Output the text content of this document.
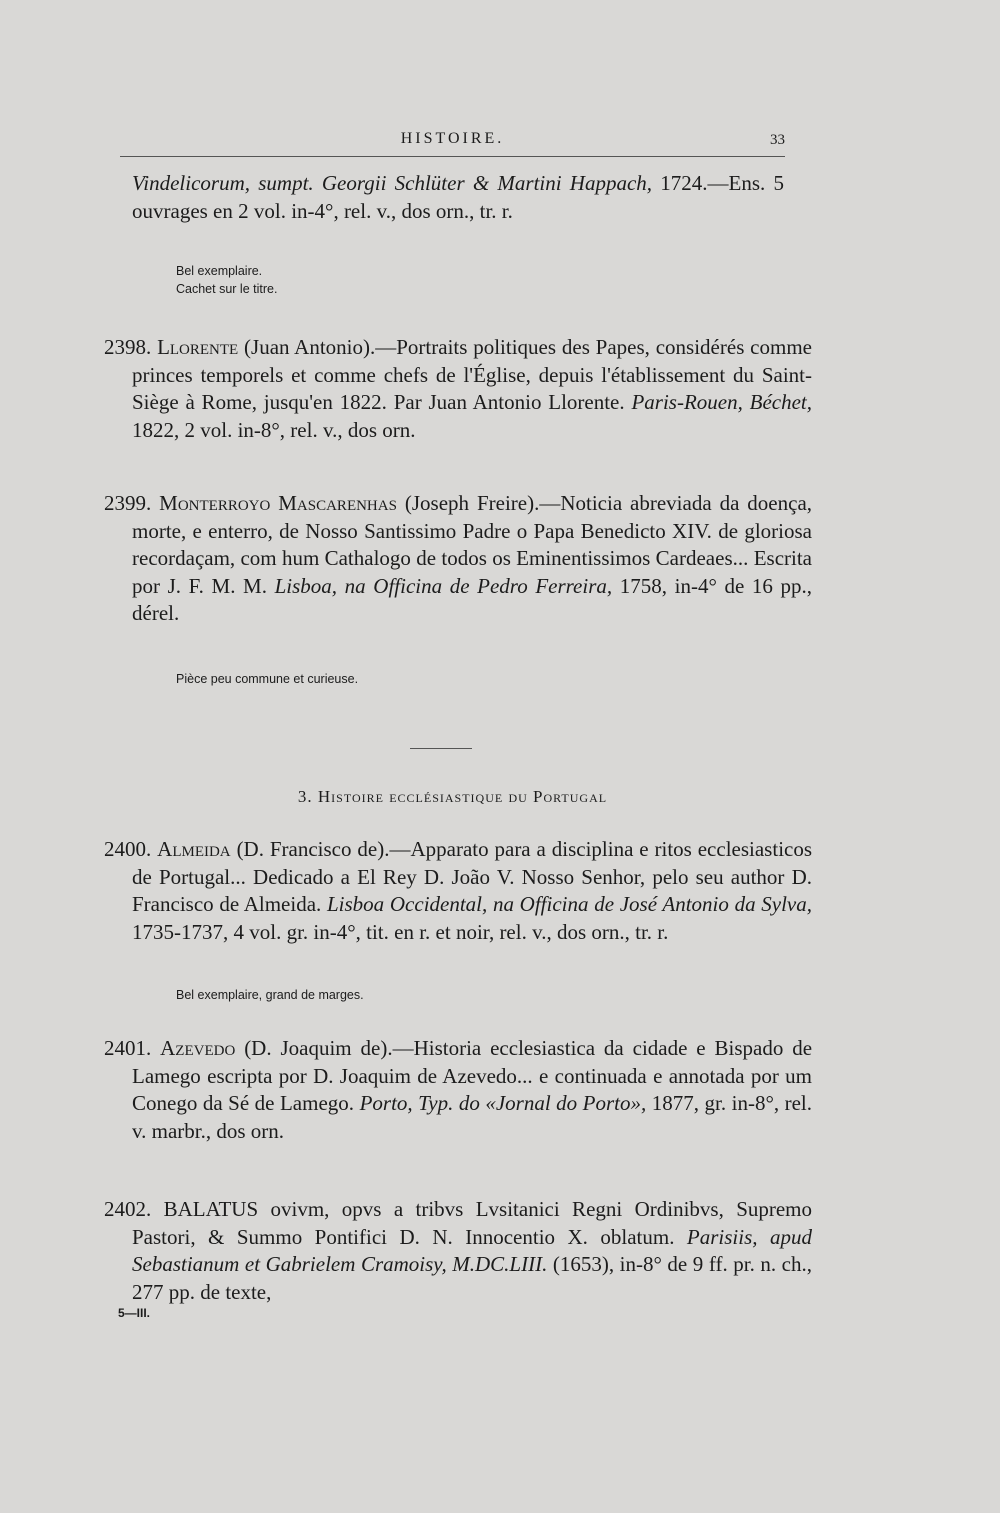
HISTOIRE.	33
Vindelicorum, sumpt. Georgii Schlüter & Martini Happach, 1724.—Ens. 5 ouvrages en 2 vol. in-4°, rel. v., dos orn., tr. r.
Bel exemplaire.
Cachet sur le titre.
2398. Llorente (Juan Antonio).—Portraits politiques des Papes, considérés comme princes temporels et comme chefs de l'Église, depuis l'établissement du Saint-Siège à Rome, jusqu'en 1822. Par Juan Antonio Llorente. Paris-Rouen, Béchet, 1822, 2 vol. in-8°, rel. v., dos orn.
2399. Monterroyo Mascarenhas (Joseph Freire).—Noticia abreviada da doença, morte, e enterro, de Nosso Santissimo Padre o Papa Benedicto XIV. de gloriosa recordaçam, com hum Cathalogo de todos os Eminentissimos Cardeaes... Escrita por J. F. M. M. Lisboa, na Officina de Pedro Ferreira, 1758, in-4° de 16 pp., dérel.
Pièce peu commune et curieuse.
3. Histoire ecclésiastique du Portugal
2400. Almeida (D. Francisco de).—Apparato para a disciplina e ritos ecclesiasticos de Portugal... Dedicado a El Rey D. João V. Nosso Senhor, pelo seu author D. Francisco de Almeida. Lisboa Occidental, na Officina de José Antonio da Sylva, 1735-1737, 4 vol. gr. in-4°, tit. en r. et noir, rel. v., dos orn., tr. r.
Bel exemplaire, grand de marges.
2401. Azevedo (D. Joaquim de).—Historia ecclesiastica da cidade e Bispado de Lamego escripta por D. Joaquim de Azevedo... e continuada e annotada por um Conego da Sé de Lamego. Porto, Typ. do «Jornal do Porto», 1877, gr. in-8°, rel. v. marbr., dos orn.
2402. BALATUS ovivm, opvs a tribvs Lvsitanici Regni Ordinibvs, Supremo Pastori, & Summo Pontifici D. N. Innocentio X. oblatum. Parisiis, apud Sebastianum et Gabrielem Cramoisy, M.DC.LIII. (1653), in-8° de 9 ff. pr. n. ch., 277 pp. de texte,
5—III.
